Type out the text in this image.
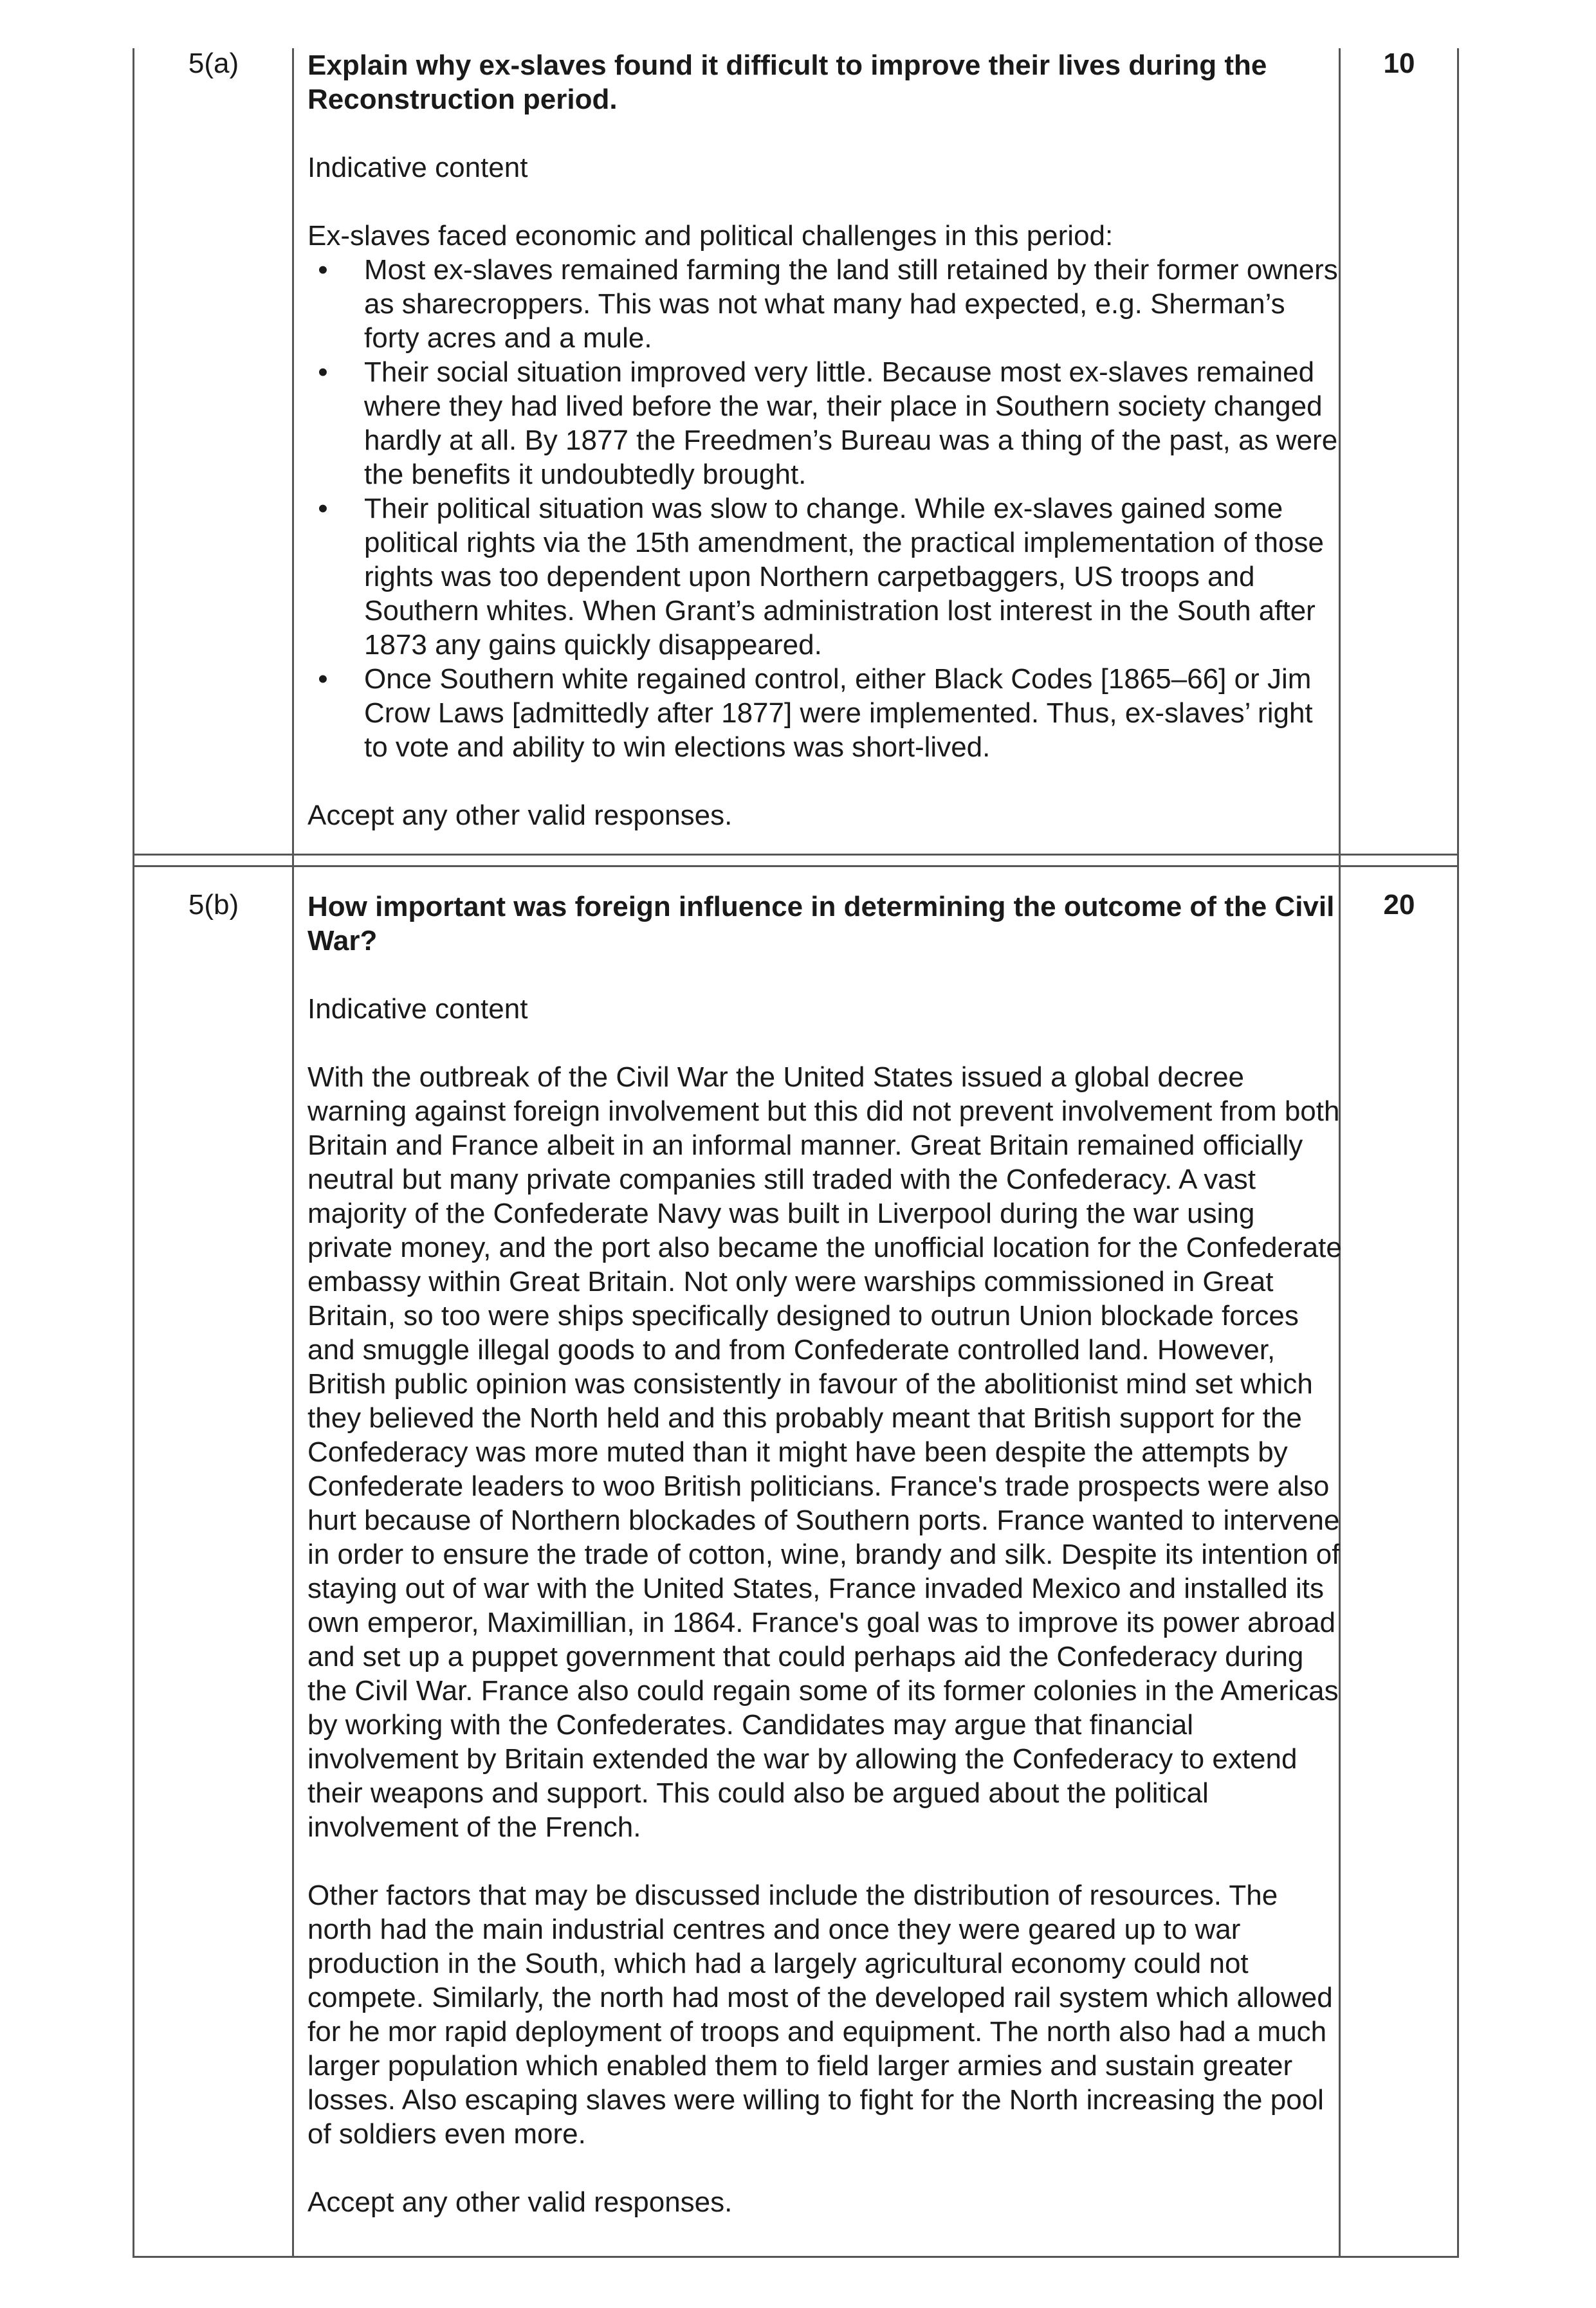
5(a)	10

Explain why ex-slaves found it difficult to improve their lives during the Reconstruction period.

Indicative content

Ex-slaves faced economic and political challenges in this period:

• Most ex-slaves remained farming the land still retained by their former owners as sharecroppers. This was not what many had expected, e.g. Sherman’s forty acres and a mule.
• Their social situation improved very little. Because most ex-slaves remained where they had lived before the war, their place in Southern society changed hardly at all. By 1877 the Freedmen’s Bureau was a thing of the past, as were the benefits it undoubtedly brought.
• Their political situation was slow to change. While ex-slaves gained some political rights via the 15th amendment, the practical implementation of those rights was too dependent upon Northern carpetbaggers, US troops and Southern whites. When Grant’s administration lost interest in the South after 1873 any gains quickly disappeared.
• Once Southern white regained control, either Black Codes [1865–66] or Jim Crow Laws [admittedly after 1877] were implemented. Thus, ex-slaves’ right to vote and ability to win elections was short-lived.

Accept any other valid responses.

5(b)	20

How important was foreign influence in determining the outcome of the Civil War?

Indicative content

With the outbreak of the Civil War the United States issued a global decree warning against foreign involvement but this did not prevent involvement from both Britain and France albeit in an informal manner. Great Britain remained officially neutral but many private companies still traded with the Confederacy. A vast majority of the Confederate Navy was built in Liverpool during the war using private money, and the port also became the unofficial location for the Confederate embassy within Great Britain. Not only were warships commissioned in Great Britain, so too were ships specifically designed to outrun Union blockade forces and smuggle illegal goods to and from Confederate controlled land. However, British public opinion was consistently in favour of the abolitionist mind set which they believed the North held and this probably meant that British support for the Confederacy was more muted than it might have been despite the attempts by Confederate leaders to woo British politicians. France's trade prospects were also hurt because of Northern blockades of Southern ports. France wanted to intervene in order to ensure the trade of cotton, wine, brandy and silk. Despite its intention of staying out of war with the United States, France invaded Mexico and installed its own emperor, Maximillian, in 1864. France's goal was to improve its power abroad and set up a puppet government that could perhaps aid the Confederacy during the Civil War. France also could regain some of its former colonies in the Americas by working with the Confederates. Candidates may argue that financial involvement by Britain extended the war by allowing the Confederacy to extend their weapons and support. This could also be argued about the political involvement of the French.

Other factors that may be discussed include the distribution of resources. The north had the main industrial centres and once they were geared up to war production in the South, which had a largely agricultural economy could not compete. Similarly, the north had most of the developed rail system which allowed for he mor rapid deployment of troops and equipment. The north also had a much larger population which enabled them to field larger armies and sustain greater losses. Also escaping slaves were willing to fight for the North increasing the pool of soldiers even more.

Accept any other valid responses.
